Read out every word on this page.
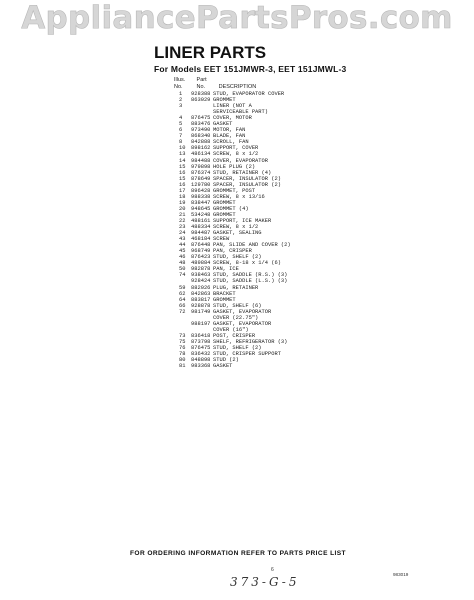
AppliancePartsPros.com
LINER PARTS
For Models EET 151JMWR-3, EET 151JMWL-3
Illus. Part
No.	No. DESCRIPTION
1	928388 STUD, EVAPORATOR COVER
2	863029 GROMMET
3	LINER (NOT A
SERVICEABLE PART)
4	876475 COVER, MOTOR
5	883476 GASKET
6	973490 MOTOR, FAN
7	868340 BLADE, FAN
8	842888 SCROLL, FAN
10	898162 SUPPORT, COVER
13	486134 SCREW, 8 x 1/2
14	984488 COVER, EVAPORATOR
15	979898 HOLE PLUG (2)
16	876374 STUD, RETAINER (4)
15	878649 SPACER, INSULATOR (2)
16	129780 SPACER, INSULATOR (2)
17	896428 GROMMET, POST
18	988338 SCREW, 8 x 13/16
19	838447 GROMMET
20	948645 GROMMET (4)
21	534248 GROMMET
22	488161 SUPPORT, ICE MAKER
23	488334 SCREW, 8 x 1/2
24	984487 GASKET, SEALING
43	468184 SCREW
44	876448 PAN, SLIDE AND COVER (2)
45	968749 PAN, CRISPER
46	876423 STUD, SHELF (2)
48	489884 SCREW, 8-18 x 1/4 (6)
50	982878 PAN, ICE
74	938463 STUD, SADDLE (R.S.) (3)
928424 STUD, SADDLE (L.S.) (3)
59	882026 PLUG, RETAINER
62	842863 BRACKET
64	883817 GROMMET
66	928878 STUD, SHELF (6)
72	981749 GASKET, EVAPORATOR
COVER (22.75")
988197 GASKET, EVAPORATOR
COVER (16")
73	836418 POST, CRISPER
75	873798 SHELF, REFRIGERATOR (3)
76	876475 STUD, SHELF (2)
78	836432 STUD, CRISPER SUPPORT
80	848898 STUD (2)
81	983368 GASKET
FOR ORDERING INFORMATION REFER TO PARTS PRICE LIST
6
983019
373-G-5
